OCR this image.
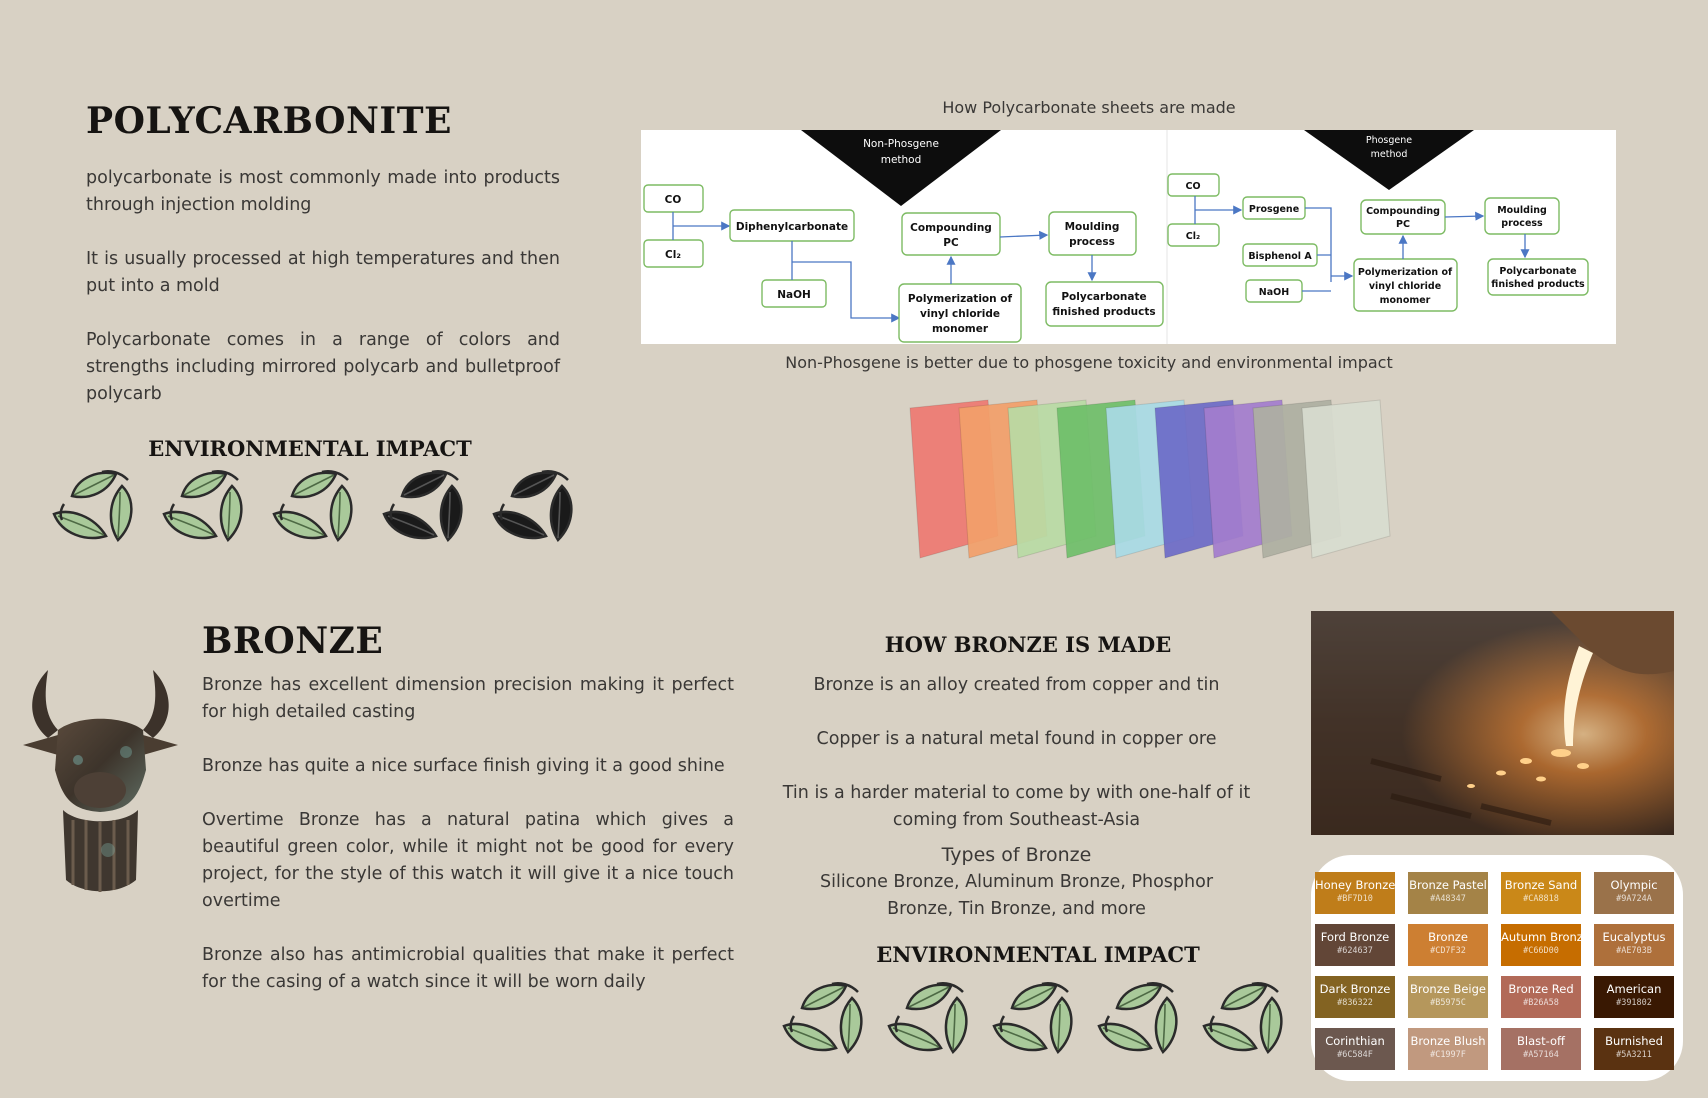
POLYCARBONITE

polycarbonate is most commonly made into products through injection molding

It is usually processed at high temperatures and then put into a mold

Polycarbonate comes in a range of colors and strengths including mirrored polycarb and bulletproof polycarb

ENVIRONMENTAL IMPACT
How Polycarbonate sheets are made
Non-Phosgene
method
CO
Cl₂
Diphenylcarbonate
NaOH
Compounding
PC
Polymerization of
vinyl chloride
monomer
Moulding
process
Polycarbonate
finished products
Phosgene
method
CO
Cl₂
Prosgene
Bisphenol A
NaOH
Compounding
PC
Polymerization of
vinyl chloride
monomer
Moulding
process
Polycarbonate
finished products
Non-Phosgene is better due to phosgene toxicity and environmental impact
BRONZE

Bronze has excellent dimension precision making it perfect for high detailed casting

Bronze has quite a nice surface finish giving it a good shine

Overtime Bronze has a natural patina which gives a beautiful green color, while it might not be good for every project, for the style of this watch it will give it a nice touch overtime

Bronze also has antimicrobial qualities that make it perfect for the casing of a watch since it will be worn daily

HOW BRONZE IS MADE

Bronze is an alloy created from copper and tin

Copper is a natural metal found in copper ore

Tin is a harder material to come by with one-half of it coming from Southeast-Asia

Types of Bronze

Silicone Bronze, Aluminum Bronze, Phosphor Bronze, Tin Bronze, and more

ENVIRONMENTAL IMPACT
Honey Bronze
#BF7D10
Bronze Pastel
#A48347
Bronze Sand
#CA8818
Olympic
#9A724A
Ford Bronze
#624637
Bronze
#CD7F32
Autumn Bronze
#C66D00
Eucalyptus
#AE703B
Dark Bronze
#836322
Bronze Beige
#B5975C
Bronze Red
#B26A58
American
#391802
Corinthian
#6C584F
Bronze Blush
#C1997F
Blast-off
#A57164
Burnished
#5A3211
